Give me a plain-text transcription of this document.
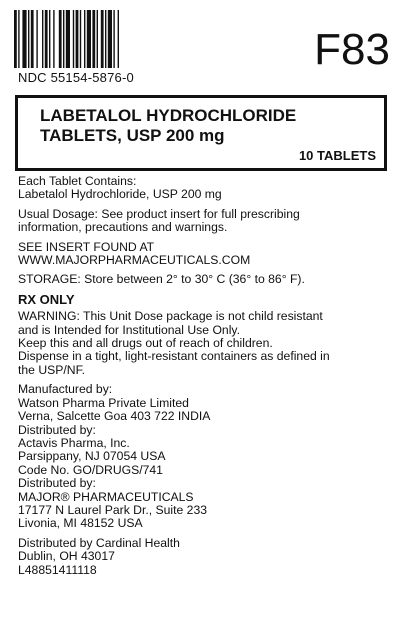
NDC 55154-5876-0
F83
LABETALOL HYDROCHLORIDE
TABLETS, USP 200 mg
10 TABLETS
Each Tablet Contains:
Labetalol Hydrochloride, USP 200 mg
Usual Dosage: See product insert for full prescribing
information, precautions and warnings.
SEE INSERT FOUND AT
WWW.MAJORPHARMACEUTICALS.COM
STORAGE: Store between 2° to 30° C (36° to 86° F).
RX ONLY
WARNING: This Unit Dose package is not child resistant
and is Intended for Institutional Use Only.
Keep this and all drugs out of reach of children.
Dispense in a tight, light-resistant containers as defined in
the USP/NF.
Manufactured by:
Watson Pharma Private Limited
Verna, Salcette Goa 403 722 INDIA
Distributed by:
Actavis Pharma, Inc.
Parsippany, NJ 07054 USA
Code No. GO/DRUGS/741
Distributed by:
MAJOR® PHARMACEUTICALS
17177 N Laurel Park Dr., Suite 233
Livonia, MI 48152 USA
Distributed by Cardinal Health
Dublin, OH 43017
L48851411118
